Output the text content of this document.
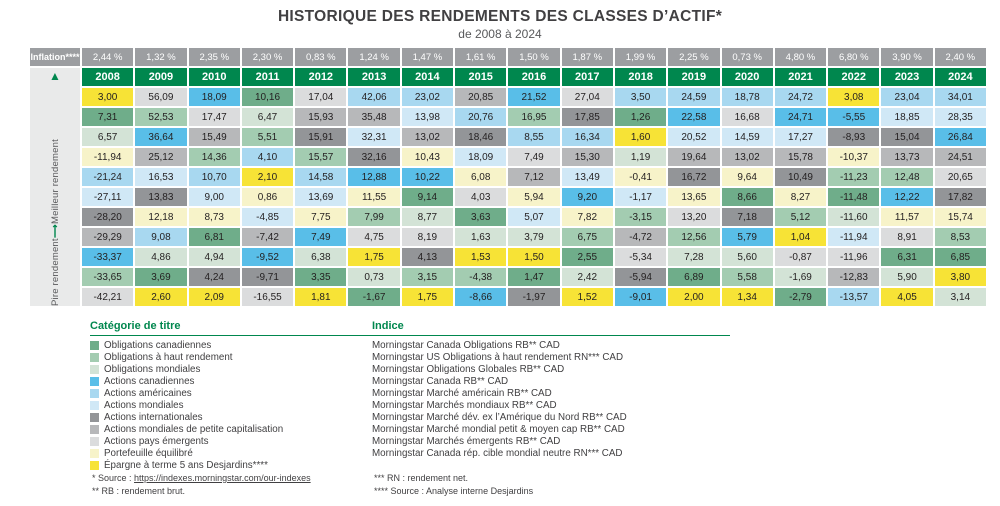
HISTORIQUE DES RENDEMENTS DES CLASSES D’ACTIF*
de 2008 à 2024
Inflation****	2,44 %	1,32 %	2,35 %	2,30 %	0,83 %	1,24 %	1,47 %	1,61 %	1,50 %	1,87 %	1,99 %	2,25 %	0,73 %	4,80 %	6,80 %	3,90 %	2,40 %
▲
Pire rendement
⟶
Meilleur rendement
2008	2009	2010	2011	2012	2013	2014	2015	2016	2017	2018	2019	2020	2021	2022	2023	2024
3,00	56,09	18,09	10,16	17,04	42,06	23,02	20,85	21,52	27,04	3,50	24,59	18,78	24,72	3,08	23,04	34,01
7,31	52,53	17,47	6,47	15,93	35,48	13,98	20,76	16,95	17,85	1,26	22,58	16,68	24,71	-5,55	18,85	28,35
6,57	36,64	15,49	5,51	15,91	32,31	13,02	18,46	8,55	16,34	1,60	20,52	14,59	17,27	-8,93	15,04	26,84
-11,94	25,12	14,36	4,10	15,57	32,16	10,43	18,09	7,49	15,30	1,19	19,64	13,02	15,78	-10,37	13,73	24,51
-21,24	16,53	10,70	2,10	14,58	12,88	10,22	6,08	7,12	13,49	-0,41	16,72	9,64	10,49	-11,23	12,48	20,65
-27,11	13,83	9,00	0,86	13,69	11,55	9,14	4,03	5,94	9,20	-1,17	13,65	8,66	8,27	-11,48	12,22	17,82
-28,20	12,18	8,73	-4,85	7,75	7,99	8,77	3,63	5,07	7,82	-3,15	13,20	7,18	5,12	-11,60	11,57	15,74
-29,29	9,08	6,81	-7,42	7,49	4,75	8,19	1,63	3,79	6,75	-4,72	12,56	5,79	1,04	-11,94	8,91	8,53
-33,37	4,86	4,94	-9,52	6,38	1,75	4,13	1,53	1,50	2,55	-5,34	7,28	5,60	-0,87	-11,96	6,31	6,85
-33,65	3,69	4,24	-9,71	3,35	0,73	3,15	-4,38	1,47	2,42	-5,94	6,89	5,58	-1,69	-12,83	5,90	3,80
-42,21	2,60	2,09	-16,55	1,81	-1,67	1,75	-8,66	-1,97	1,52	-9,01	2,00	1,34	-2,79	-13,57	4,05	3,14
Catégorie de titre	Indice
Obligations canadiennes	Morningstar Canada Obligations RB** CAD
Obligations à haut rendement	Morningstar US Obligations à haut rendement RN*** CAD
Obligations mondiales	Morningstar Obligations Globales RB** CAD
Actions canadiennes	Morningstar Canada RB** CAD
Actions américaines	Morningstar Marché américain RB** CAD
Actions mondiales	Morningstar Marchés mondiaux RB** CAD
Actions internationales	Morningstar Marché dév. ex l’Amérique du Nord RB** CAD
Actions mondiales de petite capitalisation	Morningstar Marché mondial petit & moyen cap RB** CAD
Actions pays émergents	Morningstar Marchés émergents RB** CAD
Portefeuille équilibré	Morningstar Canada rép. cible mondial neutre RN*** CAD
Épargne à terme 5 ans Desjardins****
* Source : https://indexes.morningstar.com/our-indexes
** RB : rendement brut.
*** RN : rendement net.
**** Source : Analyse interne Desjardins
